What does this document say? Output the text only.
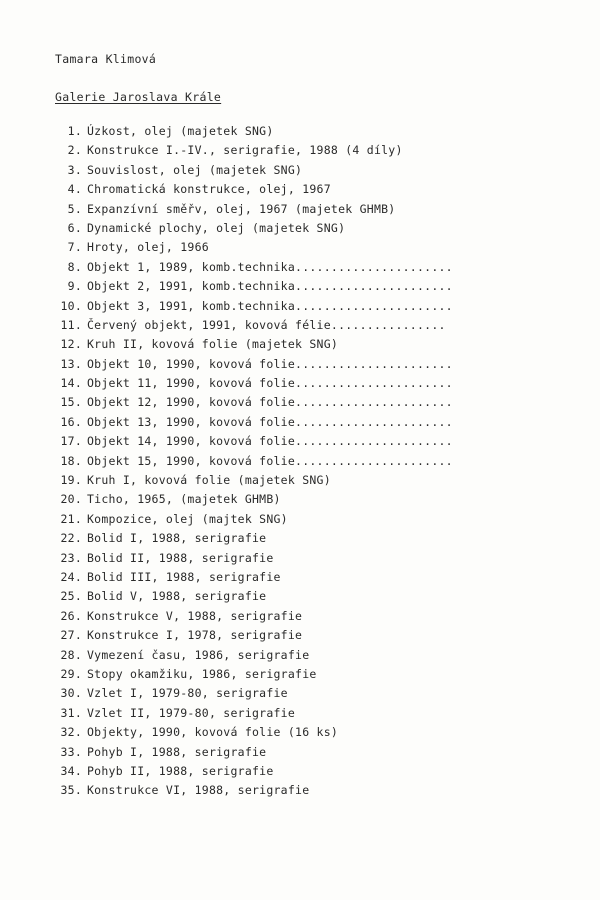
Tamara Klimová
Galerie Jaroslava Krále
1. Úzkost, olej (majetek SNG)
2. Konstrukce I.-IV., serigrafie, 1988 (4 díly)
3. Souvislost, olej (majetek SNG)
4. Chromatická konstrukce, olej, 1967
5. Expanzívní směřv, olej, 1967 (majetek GHMB)
6. Dynamické plochy, olej (majetek SNG)
7. Hroty, olej, 1966
8. Objekt 1, 1989, komb.technika......................
9. Objekt 2, 1991, komb.technika......................
10. Objekt 3, 1991, komb.technika......................
11. Červený objekt, 1991, kovová félie................
12. Kruh II, kovová folie (majetek SNG)
13. Objekt 10, 1990, kovová folie......................
14. Objekt 11, 1990, kovová folie......................
15. Objekt 12, 1990, kovová folie......................
16. Objekt 13, 1990, kovová folie......................
17. Objekt 14, 1990, kovová folie......................
18. Objekt 15, 1990, kovová folie......................
19. Kruh I, kovová folie (majetek SNG)
20. Ticho, 1965, (majetek GHMB)
21. Kompozice, olej (majtek SNG)
22. Bolid I, 1988, serigrafie
23. Bolid II, 1988, serigrafie
24. Bolid III, 1988, serigrafie
25. Bolid V, 1988, serigrafie
26. Konstrukce V, 1988, serigrafie
27. Konstrukce I, 1978, serigrafie
28. Vymezení času, 1986, serigrafie
29. Stopy okamžiku, 1986, serigrafie
30. Vzlet I, 1979-80, serigrafie
31. Vzlet II, 1979-80, serigrafie
32. Objekty, 1990, kovová folie (16 ks)
33. Pohyb I, 1988, serigrafie
34. Pohyb II, 1988, serigrafie
35. Konstrukce VI, 1988, serigrafie
